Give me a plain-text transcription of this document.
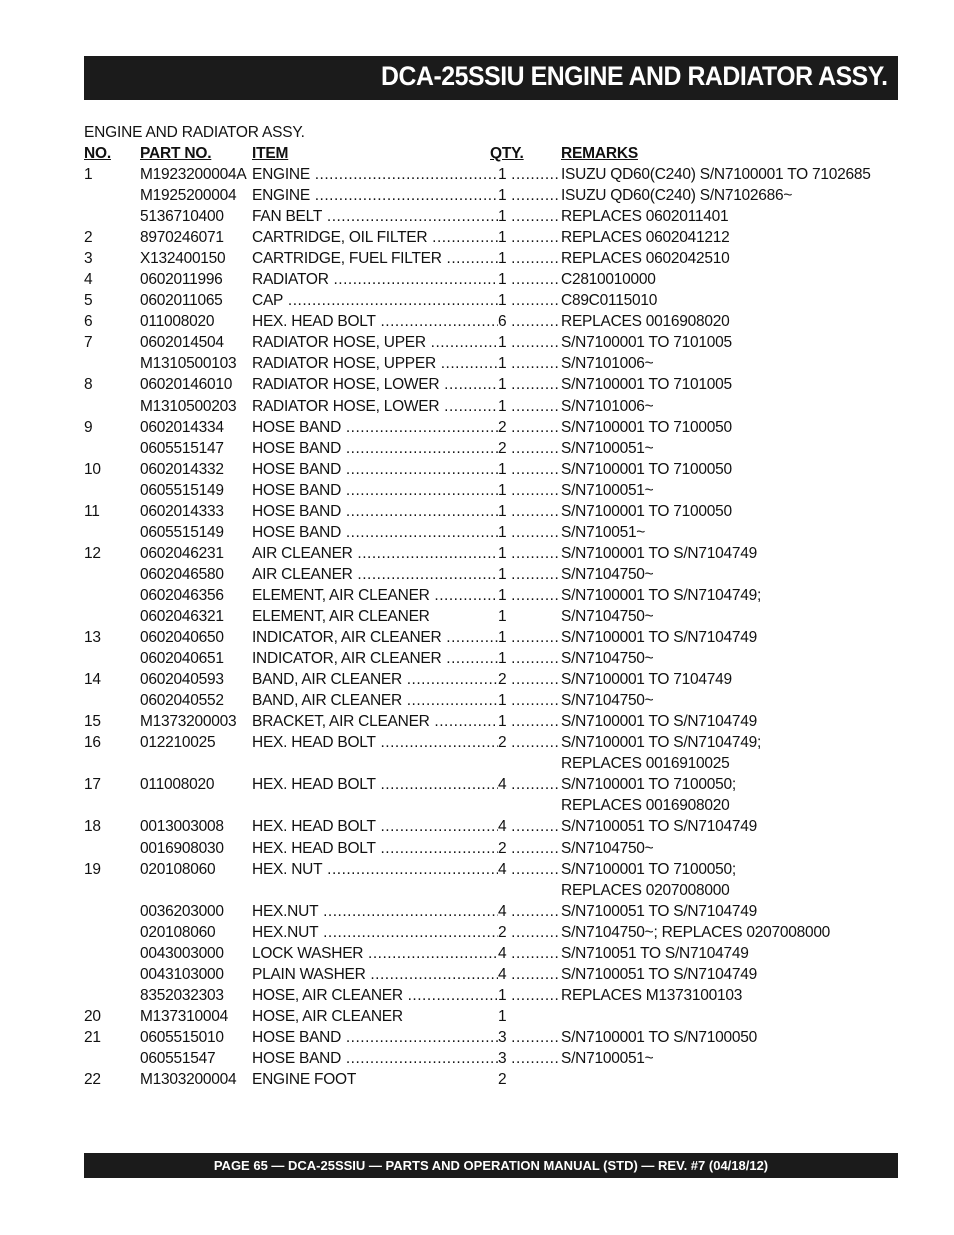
DCA-25SSIU ENGINE AND RADIATOR ASSY.
ENGINE AND RADIATOR ASSY.
NO. PART NO.	ITEM	QTY. REMARKS
1	M1923200004A ENGINE .....	1 .....	ISUZU QD60(C240) S/N7100001 TO 7102685
M1925200004 ENGINE .....	1 .....	ISUZU QD60(C240) S/N7102686~
5136710400 FAN BELT .....	1 .....	REPLACES 0602011401
2	8970246071 CARTRIDGE, OIL FILTER .....	1 .....	REPLACES 0602041212
3	X132400150 CARTRIDGE, FUEL FILTER .....	1 .....	REPLACES 0602042510
4	0602011996 RADIATOR .....	1 .....	C2810010000
5	0602011065 CAP .....	1 .....	C89C0115010
6	011008020 HEX. HEAD BOLT .....	6 .....	REPLACES 0016908020
7	0602014504 RADIATOR HOSE, UPER .....	1 .....	S/N7100001 TO 7101005
M1310500103 RADIATOR HOSE, UPPER .....	1 .....	S/N7101006~
8	06020146010 RADIATOR HOSE, LOWER .....	1 .....	S/N7100001 TO 7101005
M1310500203 RADIATOR HOSE, LOWER .....	1 .....	S/N7101006~
9	0602014334 HOSE BAND .....	2 .....	S/N7100001 TO 7100050
0605515147 HOSE BAND .....	2 .....	S/N7100051~
10	0602014332 HOSE BAND .....	1 .....	S/N7100001 TO 7100050
0605515149 HOSE BAND .....	1 .....	S/N7100051~
11	0602014333 HOSE BAND .....	1 .....	S/N7100001 TO 7100050
0605515149 HOSE BAND .....	1 .....	S/N710051~
12	0602046231 AIR CLEANER .....	1 .....	S/N7100001 TO S/N7104749
0602046580 AIR CLEANER .....	1 .....	S/N7104750~
0602046356 ELEMENT, AIR CLEANER .....	1 .....	S/N7100001 TO S/N7104749;
0602046321 ELEMENT, AIR CLEANER	1	S/N7104750~
13	0602040650 INDICATOR, AIR CLEANER .....	1 .....	S/N7100001 TO S/N7104749
0602040651 INDICATOR, AIR CLEANER .....	1 .....	S/N7104750~
14	0602040593 BAND, AIR CLEANER .....	2 .....	S/N7100001 TO 7104749
0602040552 BAND, AIR CLEANER .....	1 .....	S/N7104750~
15	M1373200003 BRACKET, AIR CLEANER .....	1 .....	S/N7100001 TO S/N7104749
16	012210025 HEX. HEAD BOLT .....	2 .....	S/N7100001 TO S/N7104749;
REPLACES 0016910025
17	011008020 HEX. HEAD BOLT .....	4 .....	S/N7100001 TO 7100050;
REPLACES 0016908020
18	0013003008 HEX. HEAD BOLT .....	4 .....	S/N7100051 TO S/N7104749
0016908030 HEX. HEAD BOLT .....	2 .....	S/N7104750~
19	020108060 HEX. NUT .....	4 .....	S/N7100001 TO 7100050;
REPLACES 0207008000
0036203000 HEX.NUT .....	4 .....	S/N7100051 TO S/N7104749
020108060 HEX.NUT .....	2 .....	S/N7104750~; REPLACES 0207008000
0043003000 LOCK WASHER .....	4 .....	S/N710051 TO S/N7104749
0043103000 PLAIN WASHER .....	4 .....	S/N7100051 TO S/N7104749
8352032303 HOSE, AIR CLEANER .....	1 .....	REPLACES M1373100103
20	M137310004 HOSE, AIR CLEANER	1
21	0605515010 HOSE BAND .....	3 .....	S/N7100001 TO S/N7100050
060551547 HOSE BAND .....	3 .....	S/N7100051~
22	M1303200004 ENGINE FOOT	2
PAGE 65 — DCA-25SSIU — PARTS AND OPERATION MANUAL (STD) — REV. #7 (04/18/12)
